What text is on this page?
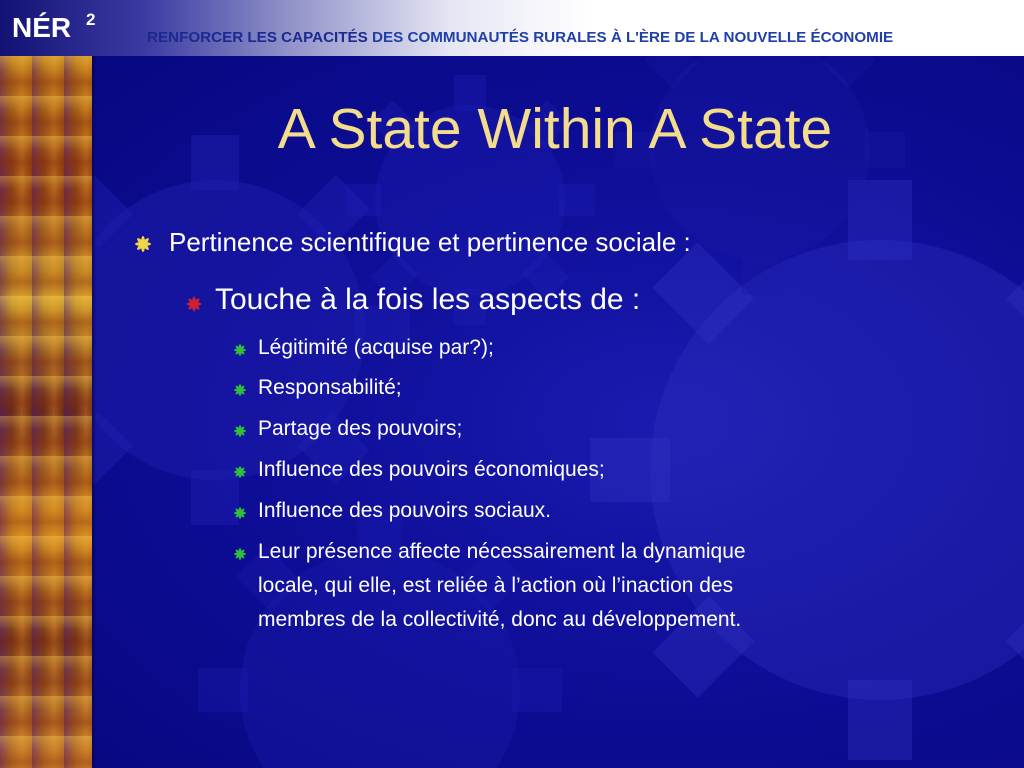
NÉR 2
RENFORCER LES CAPACITÉS DES COMMUNAUTÉS RURALES À L'ÈRE DE LA NOUVELLE ÉCONOMIE
A State Within A State
Pertinence scientifique et pertinence sociale :
Touche à la fois les aspects de :
Légitimité (acquise par?);
Responsabilité;
Partage des pouvoirs;
Influence des pouvoirs économiques;
Influence des pouvoirs sociaux.
Leur présence affecte nécessairement la dynamique
locale, qui elle, est reliée à l’action où l’inaction des
membres de la collectivité, donc au développement.
